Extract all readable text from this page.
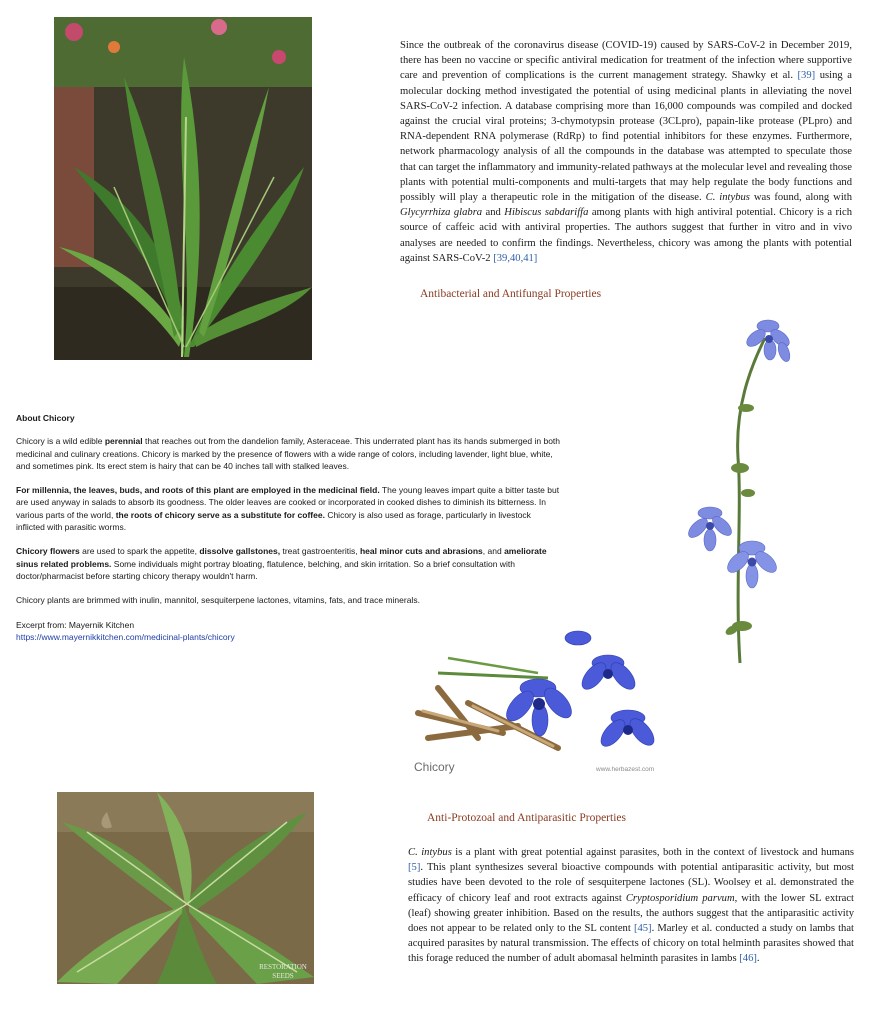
Since the outbreak of the coronavirus disease (COVID-19) caused by SARS-CoV-2 in December 2019, there has been no vaccine or specific antiviral medication for treatment of the infection where supportive care and prevention of complications is the current management strategy. Shawky et al. [39] using a molecular docking method investigated the potential of using medicinal plants in alleviating the novel SARS-CoV-2 infection. A database comprising more than 16,000 compounds was compiled and docked against the crucial viral proteins; 3-chymotypsin protease (3CLpro), papain-like protease (PLpro) and RNA-dependent RNA polymerase (RdRp) to find potential inhibitors for these enzymes. Furthermore, network pharmacology analysis of all the compounds in the database was attempted to speculate those that can target the inflammatory and immunity-related pathways at the molecular level and revealing those plants with potential multi-components and multi-targets that may help regulate the body functions and possibly will play a therapeutic role in the mitigation of the disease. C. intybus was found, along with Glycyrrhiza glabra and Hibiscus sabdariffa among plants with high antiviral potential. Chicory is a rich source of caffeic acid with antiviral properties. The authors suggest that further in vitro and in vivo analyses are needed to confirm the findings. Nevertheless, chicory was among the plants with potential against SARS-CoV-2 [39,40,41]
Antibacterial and Antifungal Properties

About Chicory

Chicory is a wild edible perennial that reaches out from the dandelion family, Asteraceae. This underrated plant has its hands submerged in both medicinal and culinary creations. Chicory is marked by the presence of flowers with a wide range of colors, including lavender, light blue, white, and sometimes pink. Its erect stem is hairy that can be 40 inches tall with stalked leaves.

For millennia, the leaves, buds, and roots of this plant are employed in the medicinal field. The young leaves impart quite a bitter taste but are used anyway in salads to absorb its goodness. The older leaves are cooked or incorporated in cooked dishes to diminish its bitterness. In various parts of the world, the roots of chicory serve as a substitute for coffee. Chicory is also used as forage, particularly in livestock inflicted with parasitic worms.

Chicory flowers are used to spark the appetite, dissolve gallstones, treat gastroenteritis, heal minor cuts and abrasions, and ameliorate sinus related problems. Some individuals might portray bloating, flatulence, belching, and skin irritation. So a brief consultation with doctor/pharmacist before starting chicory therapy wouldn't harm.

Chicory plants are brimmed with inulin, mannitol, sesquiterpene lactones, vitamins, fats, and trace minerals.

Excerpt from: Mayernik Kitchen
https://www.mayernikkitchen.com/medicinal-plants/chicory

Chicory	www.herbazest.com
RESTORATION
SEEDS
Anti-Protozoal and Antiparasitic Properties
C. intybus is a plant with great potential against parasites, both in the context of livestock and humans [5]. This plant synthesizes several bioactive compounds with potential antiparasitic activity, but most studies have been devoted to the role of sesquiterpene lactones (SL). Woolsey et al. demonstrated the efficacy of chicory leaf and root extracts against Cryptosporidium parvum, with the lower SL extract (leaf) showing greater inhibition. Based on the results, the authors suggest that the antiparasitic activity does not appear to be related only to the SL content [45]. Marley et al. conducted a study on lambs that acquired parasites by natural transmission. The effects of chicory on total helminth parasites showed that this forage reduced the number of adult abomasal helminth parasites in lambs [46].
